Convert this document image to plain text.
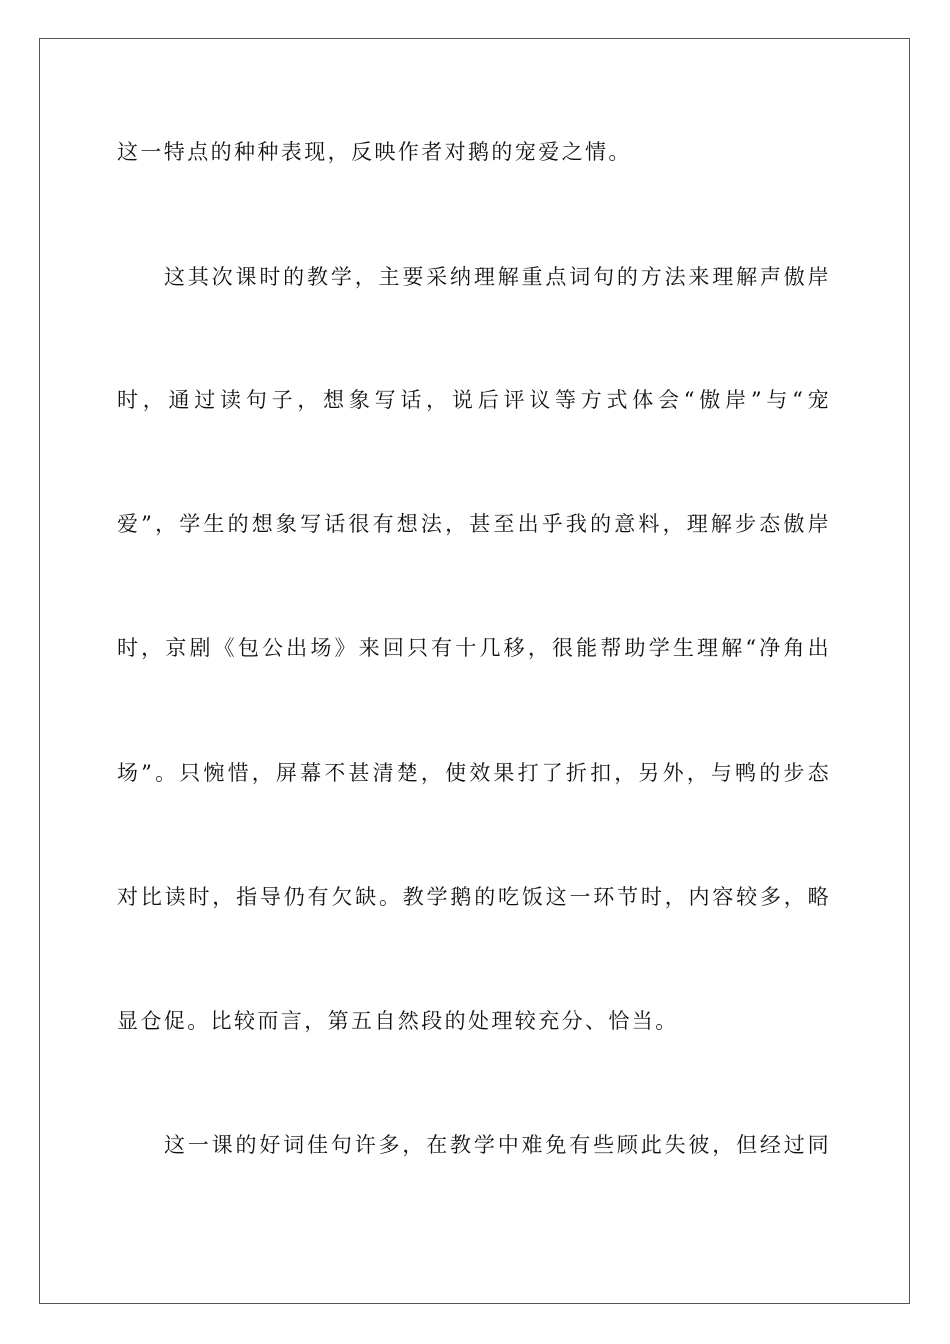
这一特点的种种表现，反映作者对鹅的宠爱之情。
这其次课时的教学，主要采纳理解重点词句的方法来理解声傲岸
时，通过读句子，想象写话，说后评议等方式体会“傲岸”与“宠
爱”，学生的想象写话很有想法，甚至出乎我的意料，理解步态傲岸
时，京剧《包公出场》来回只有十几移，很能帮助学生理解“净角出
场”。只惋惜，屏幕不甚清楚，使效果打了折扣，另外，与鸭的步态
对比读时，指导仍有欠缺。教学鹅的吃饭这一环节时，内容较多，略
显仓促。比较而言，第五自然段的处理较充分、恰当。
这一课的好词佳句许多，在教学中难免有些顾此失彼，但经过同
